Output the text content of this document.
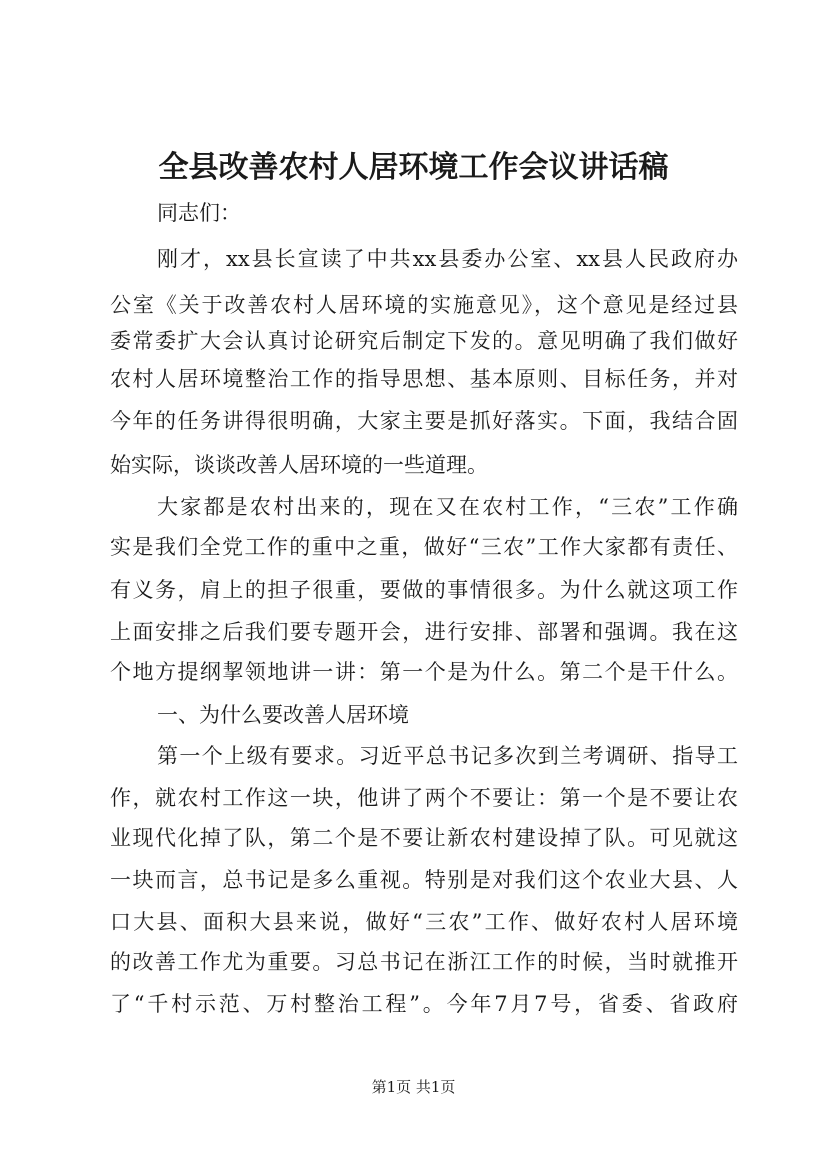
全县改善农村人居环境工作会议讲话稿
同志们：
刚才，xx县长宣读了中共xx县委办公室、xx县人民政府办
公室《关于改善农村人居环境的实施意见》，这个意见是经过县
委常委扩大会认真讨论研究后制定下发的。意见明确了我们做好
农村人居环境整治工作的指导思想、基本原则、目标任务，并对
今年的任务讲得很明确，大家主要是抓好落实。下面，我结合固
始实际，谈谈改善人居环境的一些道理。
大家都是农村出来的，现在又在农村工作，“三农”工作确
实是我们全党工作的重中之重，做好“三农”工作大家都有责任、
有义务，肩上的担子很重，要做的事情很多。为什么就这项工作
上面安排之后我们要专题开会，进行安排、部署和强调。我在这
个地方提纲挈领地讲一讲：第一个是为什么。第二个是干什么。
一、为什么要改善人居环境
第一个上级有要求。习近平总书记多次到兰考调研、指导工
作，就农村工作这一块，他讲了两个不要让：第一个是不要让农
业现代化掉了队，第二个是不要让新农村建设掉了队。可见就这
一块而言，总书记是多么重视。特别是对我们这个农业大县、人
口大县、面积大县来说，做好“三农”工作、做好农村人居环境
的改善工作尤为重要。习总书记在浙江工作的时候，当时就推开
了“千村示范、万村整治工程”。今年7月7号，省委、省政府
第1页 共1页
